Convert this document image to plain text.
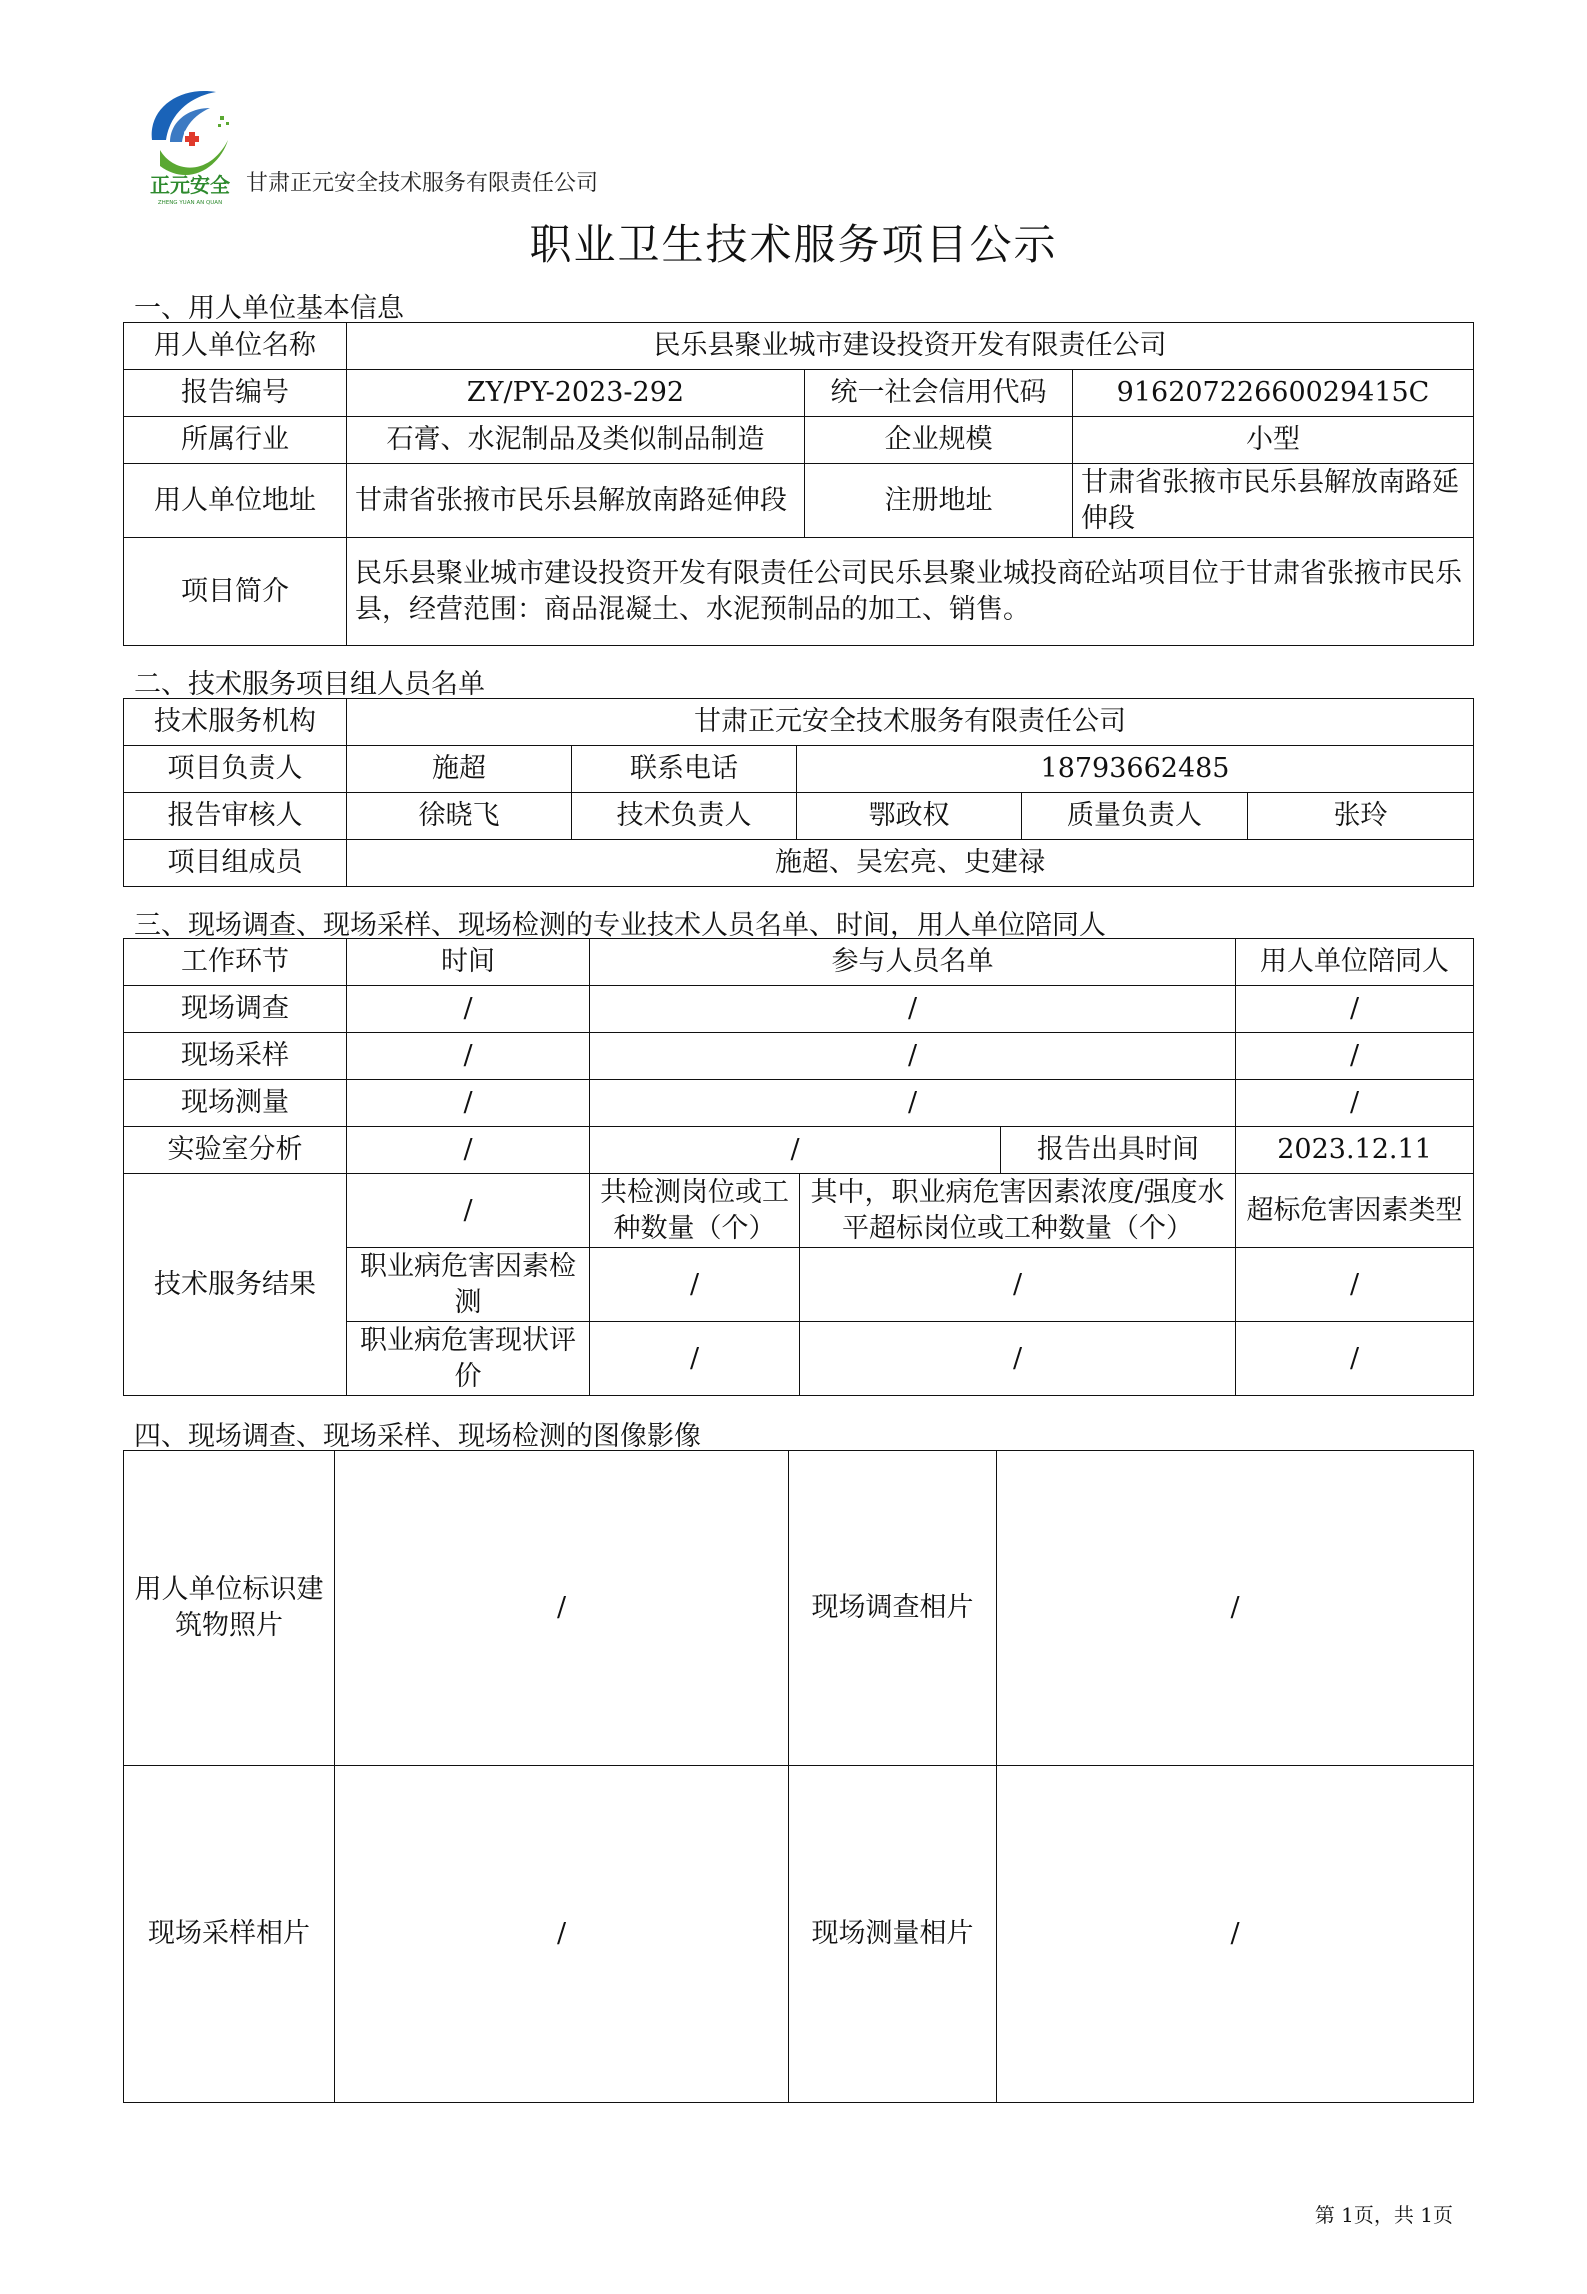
正元安全
ZHENG YUAN AN QUAN
甘肃正元安全技术服务有限责任公司
职业卫生技术服务项目公示
一、用人单位基本信息
用人单位名称	民乐县聚业城市建设投资开发有限责任公司		
报告编号	ZY/PY-2023-292	统一社会信用代码	91620722660029415C
所属行业	石膏、水泥制品及类似制品制造	企业规模	小型
用人单位地址	甘肃省张掖市民乐县解放南路延伸段	注册地址	甘肃省张掖市民乐县解放南路延伸段
项目简介	民乐县聚业城市建设投资开发有限责任公司民乐县聚业城投商砼站项目位于甘肃省张掖市民乐县，经营范围：商品混凝土、水泥预制品的加工、销售。		
二、技术服务项目组人员名单
技术服务机构	甘肃正元安全技术服务有限责任公司				
项目负责人	施超	联系电话	18793662485		
报告审核人	徐晓飞	技术负责人	鄂政权	质量负责人	张玲
项目组成员	施超、吴宏亮、史建禄				
三、现场调查、现场采样、现场检测的专业技术人员名单、时间，用人单位陪同人
工作环节	时间	参与人员名单			用人单位陪同人
现场调查	/	/			/
现场采样	/	/			/
现场测量	/	/			/
实验室分析	/	/		报告出具时间	2023.12.11
技术服务结果	/	共检测岗位或工种数量（个）	其中，职业病危害因素浓度/强度水平超标岗位或工种数量（个）		超标危害因素类型
	职业病危害因素检测	/	/		/
	职业病危害现状评价	/	/		/
四、现场调查、现场采样、现场检测的图像影像
用人单位标识建筑物照片	/	现场调查相片	/
现场采样相片	/	现场测量相片	/
第 1页，共 1页
